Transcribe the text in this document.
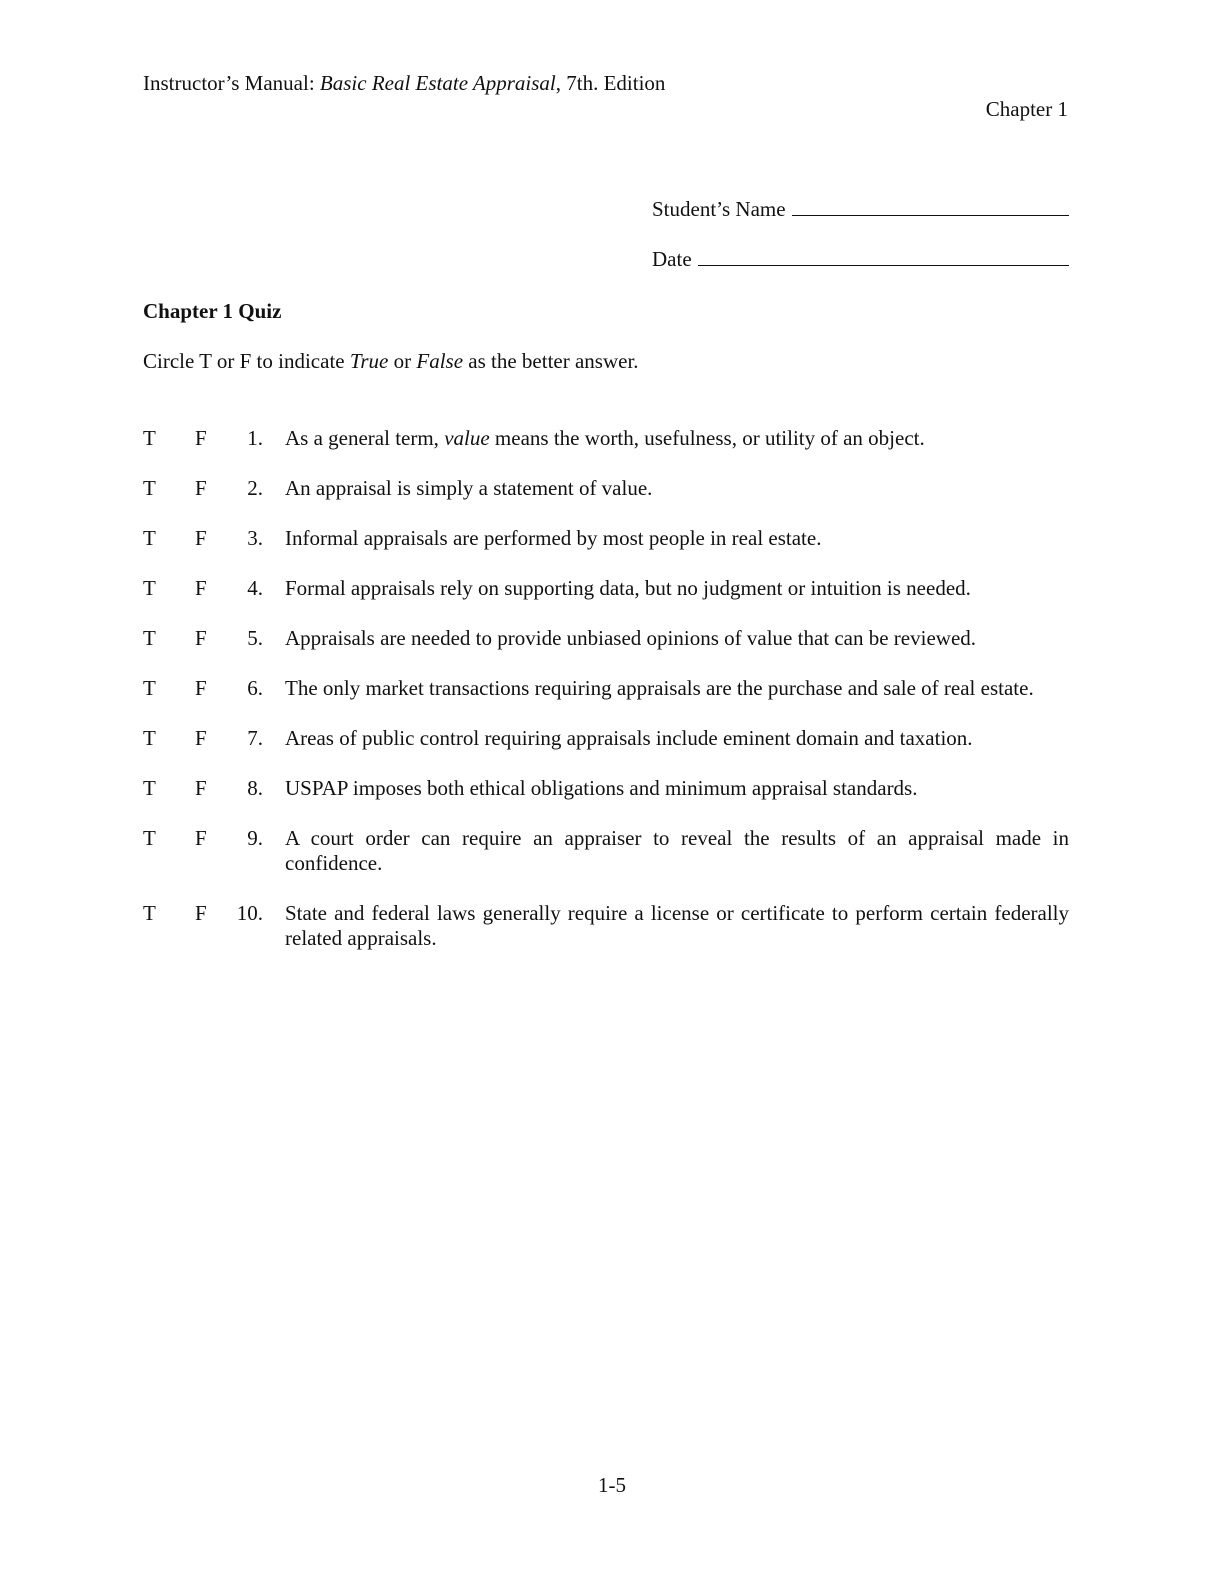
Instructor’s Manual: Basic Real Estate Appraisal, 7th. Edition
Chapter 1
Student’s Name
Date
Chapter 1 Quiz
Circle T or F to indicate True or False as the better answer.
T	F	1. As a general term, value means the worth, usefulness, or utility of an object.
T	F	2. An appraisal is simply a statement of value.
T	F	3. Informal appraisals are performed by most people in real estate.
T	F	4. Formal appraisals rely on supporting data, but no judgment or intuition is needed.
T	F	5. Appraisals are needed to provide unbiased opinions of value that can be reviewed.
T	F	6. The only market transactions requiring appraisals are the purchase and sale of real estate.
T	F	7. Areas of public control requiring appraisals include eminent domain and taxation.
T	F	8. USPAP imposes both ethical obligations and minimum appraisal standards.
T	F	9. A court order can require an appraiser to reveal the results of an appraisal made in confidence.
T	F	10. State and federal laws generally require a license or certificate to perform certain federally related appraisals.
1-5
